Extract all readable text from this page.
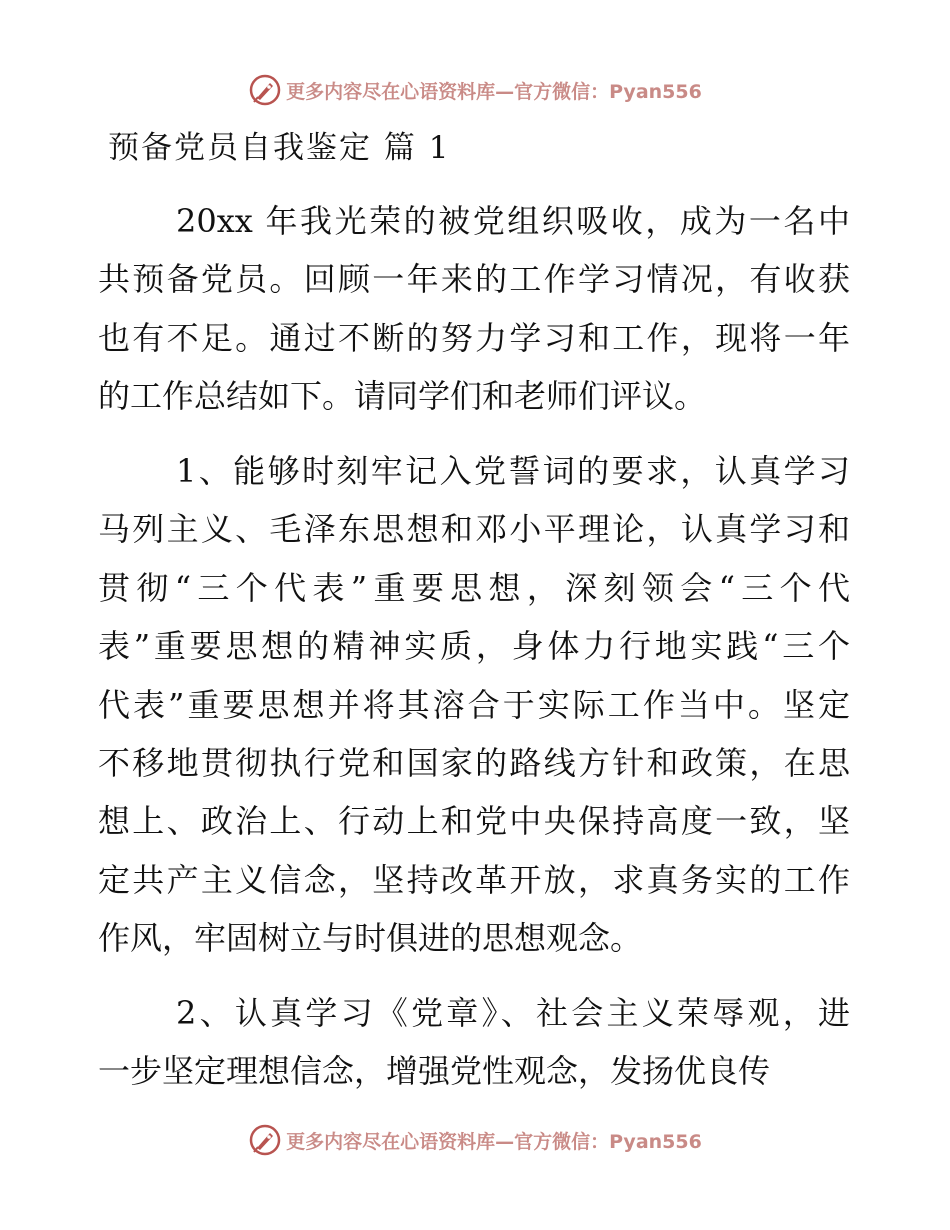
更多内容尽在心语资料库—官方微信：Pyan556
预备党员自我鉴定 篇 1
20xx 年我光荣的被党组织吸收，成为一名中
共预备党员。回顾一年来的工作学习情况，有收获
也有不足。通过不断的努力学习和工作，现将一年
的工作总结如下。请同学们和老师们评议。
1、能够时刻牢记入党誓词的要求，认真学习
马列主义、毛泽东思想和邓小平理论，认真学习和
贯彻“三个代表”重要思想，深刻领会“三个代
表”重要思想的精神实质，身体力行地实践“三个
代表”重要思想并将其溶合于实际工作当中。坚定
不移地贯彻执行党和国家的路线方针和政策，在思
想上、政治上、行动上和党中央保持高度一致，坚
定共产主义信念，坚持改革开放，求真务实的工作
作风，牢固树立与时俱进的思想观念。
2、认真学习《党章》、社会主义荣辱观，进
一步坚定理想信念，增强党性观念，发扬优良传
更多内容尽在心语资料库—官方微信：Pyan556
